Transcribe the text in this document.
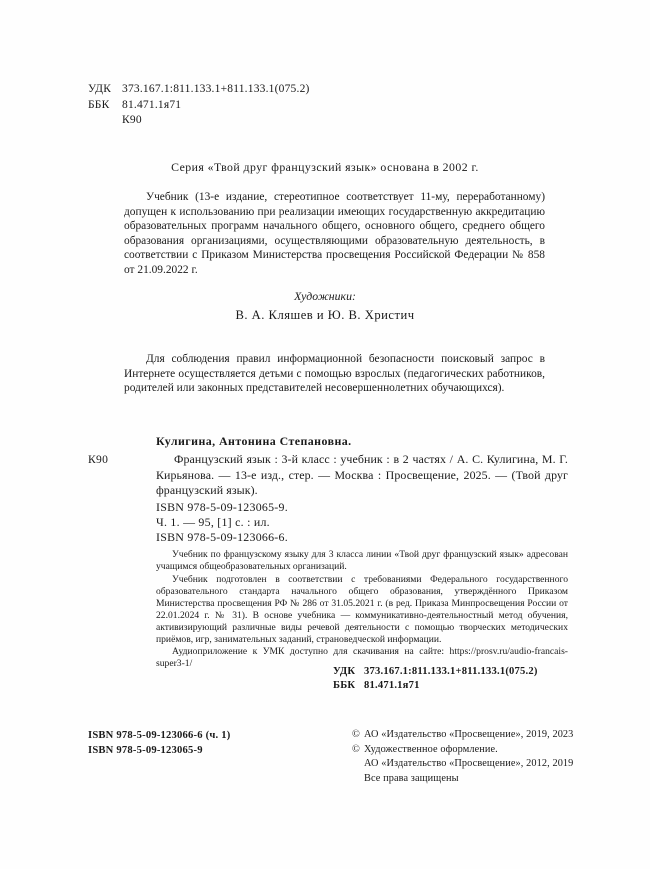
УДК 373.167.1:811.133.1+811.133.1(075.2)
ББК 81.471.1я71
К90
Серия «Твой друг французский язык» основана в 2002 г.
Учебник (13-е издание, стереотипное соответствует 11-му, переработанному) допущен к использованию при реализации имеющих государственную аккредитацию образовательных программ начального общего, основного общего, среднего общего образования организациями, осуществляющими образовательную деятельность, в соответствии с Приказом Министерства просвещения Российской Федерации № 858 от 21.09.2022 г.
Художники:
В. А. Кляшев и Ю. В. Христич
Для соблюдения правил информационной безопасности поисковый запрос в Интернете осуществляется детьми с помощью взрослых (педагогических работников, родителей или законных представителей несовершеннолетних обучающихся).
Кулигина, Антонина Степановна.
К90	Французский язык : 3-й класс : учебник : в 2 частях / А. С. Кулигина, М. Г. Кирьянова. — 13-е изд., стер. — Москва : Просвещение, 2025. — (Твой друг французский язык).
ISBN 978-5-09-123065-9.
Ч. 1. — 95, [1] с. : ил.
ISBN 978-5-09-123066-6.

Учебник по французскому языку для 3 класса линии «Твой друг французский язык» адресован учащимся общеобразовательных организаций.

Учебник подготовлен в соответствии с требованиями Федерального государственного образовательного стандарта начального общего образования, утверждённого Приказом Министерства просвещения РФ № 286 от 31.05.2021 г. (в ред. Приказа Минпросвещения России от 22.01.2024 г. № 31). В основе учебника — коммуникативно-деятельностный метод обучения, активизирующий различные виды речевой деятельности с помощью творческих методических приёмов, игр, занимательных заданий, страноведческой информации.

Аудиоприложение к УМК доступно для скачивания на сайте: https://prosv.ru/audio-francais-super3-1/

УДК 373.167.1:811.133.1+811.133.1(075.2)
ББК 81.471.1я71
ISBN 978-5-09-123066-6 (ч. 1)
ISBN 978-5-09-123065-9
© АО «Издательство «Просвещение», 2019, 2023
© Художественное оформление.
АО «Издательство «Просвещение», 2012, 2019
Все права защищены
